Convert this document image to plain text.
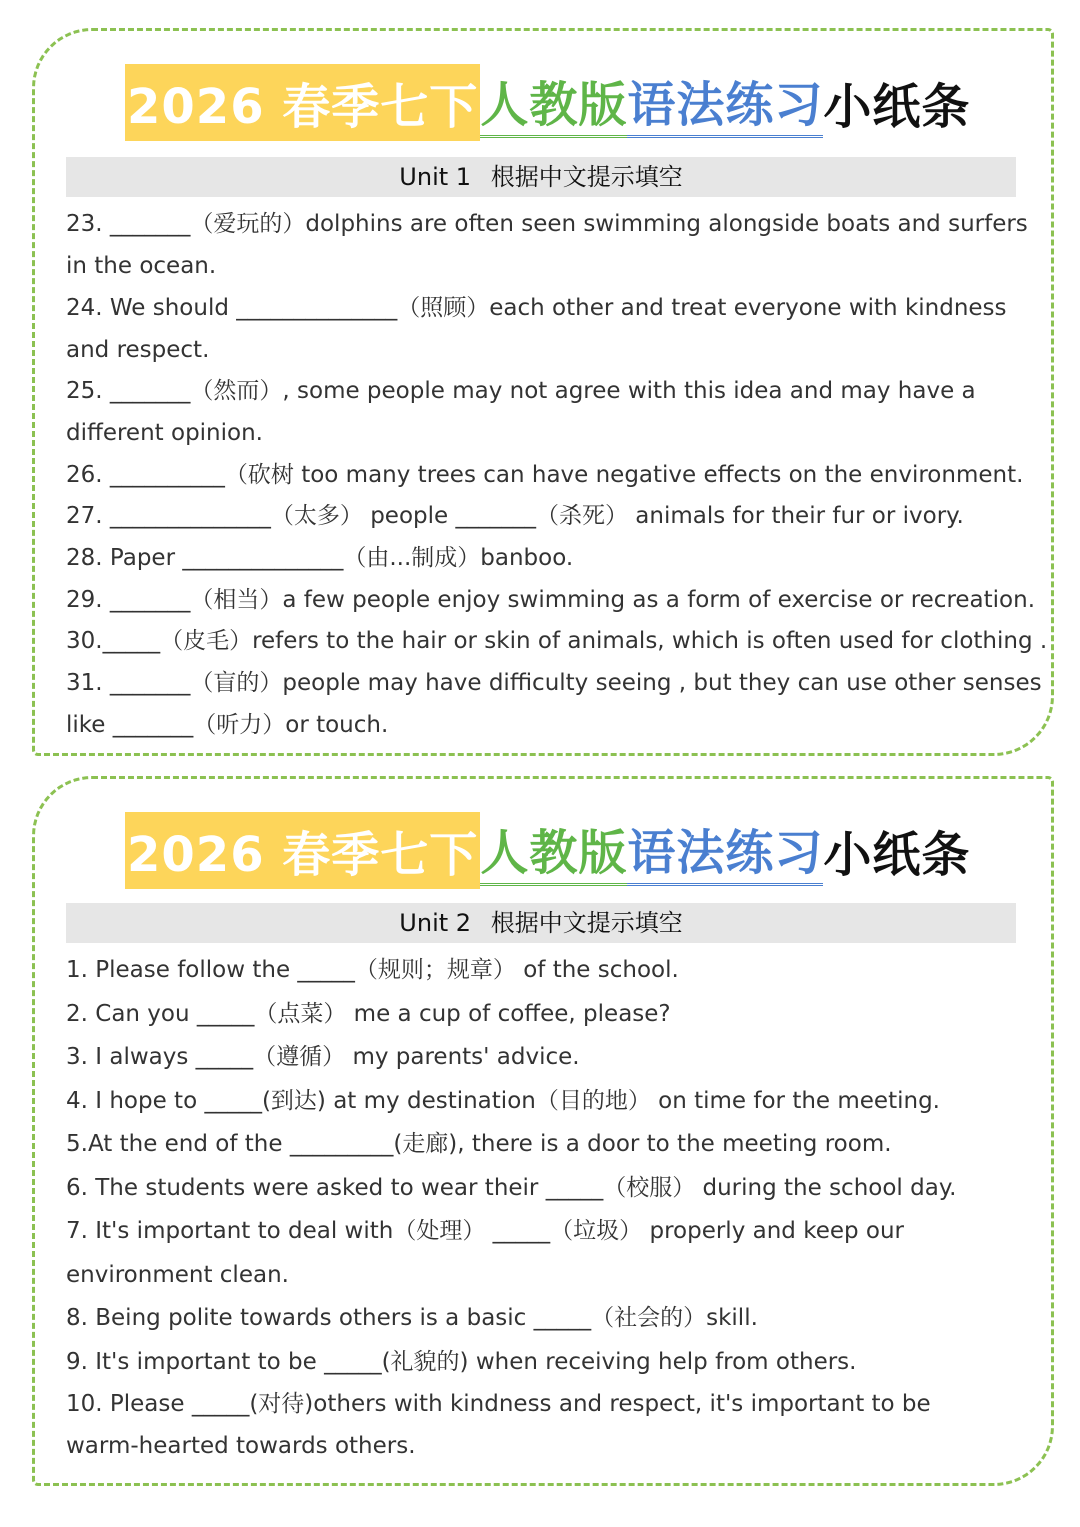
2026 春季七下 人教版 语法练习 小纸条
Unit 1 根据中文提示填空
23. _______（爱玩的）dolphins are often seen swimming alongside boats and surfers
in the ocean.
24. We should ______________（照顾）each other and treat everyone with kindness
and respect.
25. _______（然而）, some people may not agree with this idea and may have a
different opinion.
26. __________（砍树 too many trees can have negative effects on the environment.
27. ______________（太多） people _______（杀死） animals for their fur or ivory.
28. Paper ______________（由...制成）banboo.
29. _______（相当）a few people enjoy swimming as a form of exercise or recreation.
30._____（皮毛）refers to the hair or skin of animals, which is often used for clothing .
31. _______（盲的）people may have difficulty seeing , but they can use other senses
like _______（听力）or touch.
2026 春季七下 人教版 语法练习 小纸条
Unit 2 根据中文提示填空
1. Please follow the _____（规则；规章） of the school.
2. Can you _____（点菜） me a cup of coffee, please?
3. I always _____（遵循） my parents' advice.
4. I hope to _____(到达) at my destination（目的地） on time for the meeting.
5.At the end of the _________(走廊), there is a door to the meeting room.
6. The students were asked to wear their _____（校服） during the school day.
7. It's important to deal with（处理） _____（垃圾） properly and keep our
environment clean.
8. Being polite towards others is a basic _____（社会的）skill.
9. It's important to be _____(礼貌的) when receiving help from others.
10. Please _____(对待)others with kindness and respect, it's important to be
warm-hearted towards others.
